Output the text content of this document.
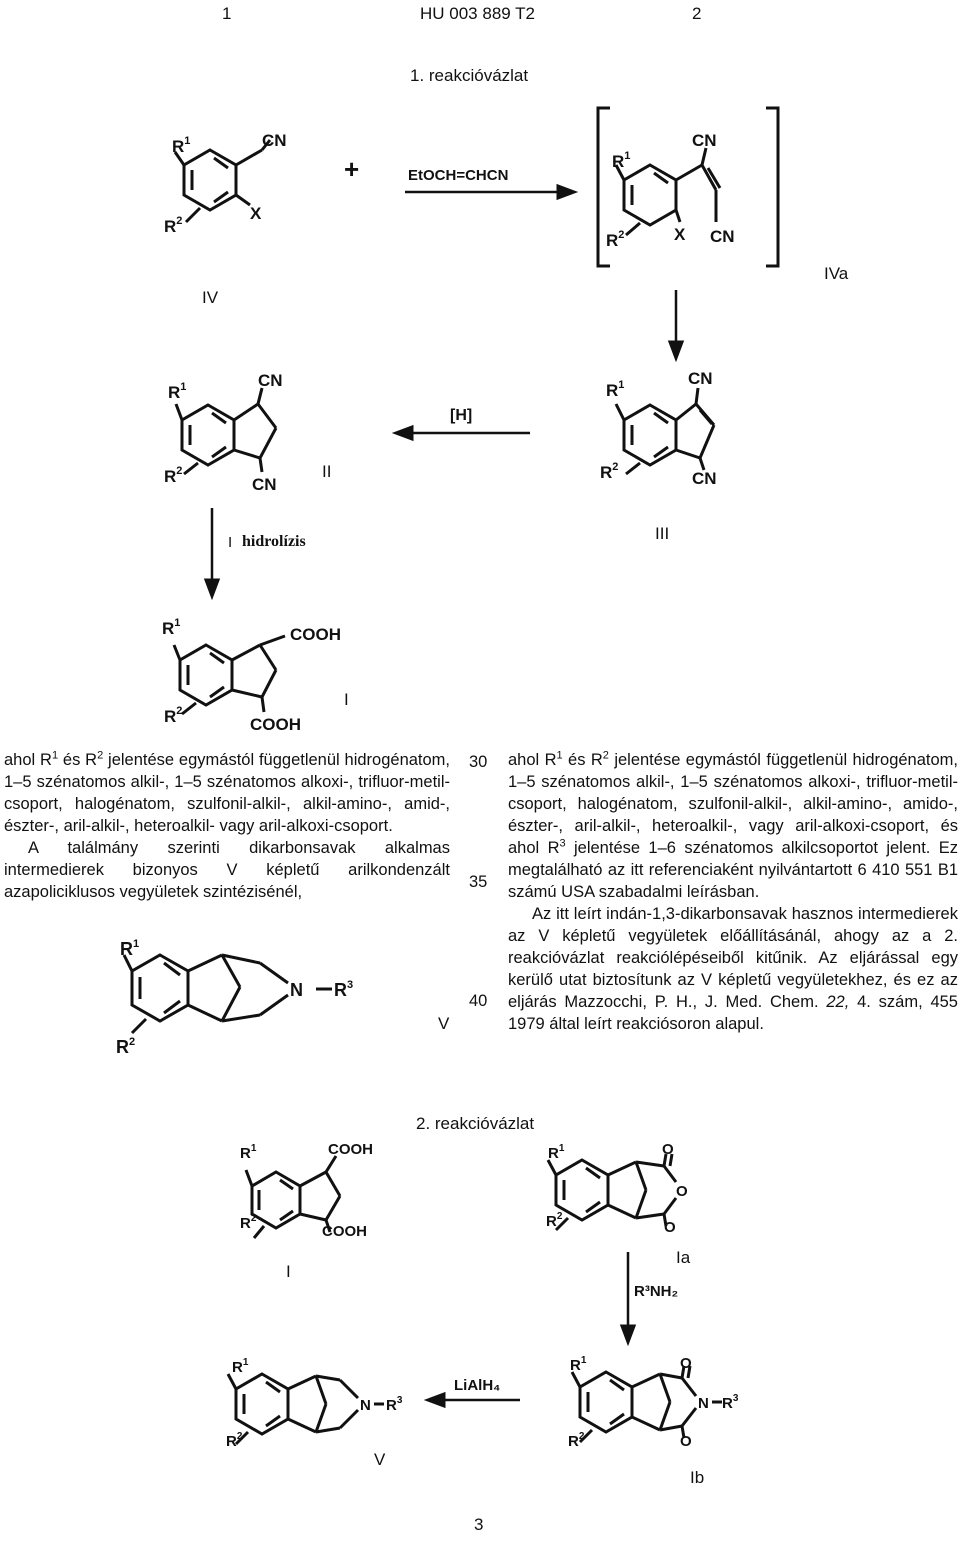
1	HU 003 889 T2	2
1. reakcióvázlat
$R^1$	CN
$R^2$	X
+	EtOCH=CHCN
$R^1$
CN
$R^2$	X CN
$R^1$	CN
$R^2$
CN
[H]
$R^1$	CN
$R^2$
CN
hidrolízis
$R^1$
COOH
$R^2$
COOH
IV
IVa
II
III
I
I

ahol $R^1$ és $R^2$ jelentése egymástól függetlenül hidrogénatom, 1–5 szénatomos alkil-, 1–5 szénatomos alkoxi-, trifluor-metil-csoport, halogénatom, szulfonil-alkil-, alkil-amino-, amid-, észter-, aril-alkil-, heteroalkil- vagy aril-alkoxi-csoport.

A találmány szerinti dikarbonsavak alkalmas intermedierek bizonyos V képletű arilkondenzált azapoliciklusos vegyületek szintézisénél,

30
35
40
$R^1$
N $R^3$
$R^2$
V

ahol $R^1$ és $R^2$ jelentése egymástól függetlenül hidrogénatom, 1–5 szénatomos alkil-, 1–5 szénatomos alkoxi-, trifluor-metil-csoport, halogénatom, szulfonil-alkil-, alkil-amino-, amido-, észter-, aril-alkil-, heteroalkil-, vagy aril-alkoxi-csoport, és ahol $R^3$ jelentése 1–6 szénatomos alkilcsoportot jelent. Ez megtalálható az itt referenciaként nyilvántartott 6 410 551 B1 számú USA szabadalmi leírásban.

Az itt leírt indán-1,3-dikarbonsavak hasznos intermedierek az V képletű vegyületek előállításánál, ahogy az a 2. reakcióvázlat reakciólépéseiből kitűnik. Az eljárással egy kerülő utat biztosítunk az V képletű vegyületekhez, és ez az eljárás Mazzocchi, P. H., J. Med. Chem. 22, 4. szám, 455 1979 által leírt reakciósoron alapul.

2. reakcióvázlat
$R^1$	COOH
$R^2$
COOH
$R^1$	O
O
O
$R^2$
R³NH₂
$R^1$	O
N $R^3$
O
$R^2$
LiAlH₄
$R^1$
N $R^3$
$R^2$
I
Ia
V
Ib
3
